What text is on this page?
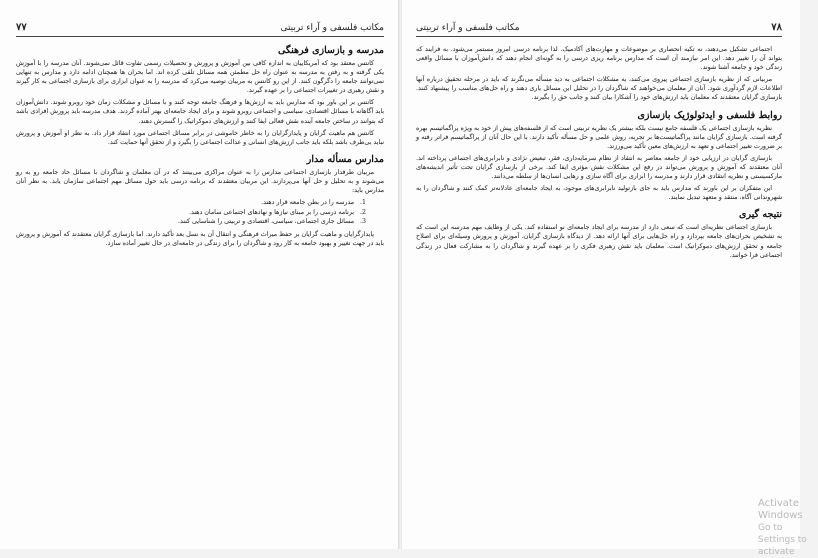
مکاتب فلسفی و آراء تربیتی
۷۷
مدرسه و بازسازی فرهنگی

کانتس معتقد بود که آمریکاییان به اندازه کافی بین آموزش و پرورش و تحصیلات رسمی تفاوت قائل نمی‌شوند. آنان مدرسه را با آموزش یکی گرفته و به رفتن به مدرسه به عنوان راه حل مطمئن همه مسائل تلقی کرده اند. اما بحران ها همچنان ادامه دارد و مدارس به تنهایی نمی‌توانند جامعه را دگرگون کنند. از این رو کانتس به مربیان توصیه می‌کرد که مدرسه را به عنوان ابزاری برای بازسازی اجتماعی به کار گیرند و نقش رهبری در تغییرات اجتماعی را بر عهده گیرند.

کانتس بر این باور بود که مدارس باید به ارزش‌ها و فرهنگ جامعه توجه کنند و با مسائل و مشکلات زمان خود روبرو شوند. دانش‌آموزان باید آگاهانه با مسائل اقتصادی، سیاسی و اجتماعی روبرو شوند و برای ایجاد جامعه‌ای بهتر آماده گردند. هدف مدرسه باید پرورش افرادی باشد که بتوانند در ساختن جامعه آینده نقش فعالی ایفا کنند و ارزش‌های دموکراتیک را گسترش دهند.

کانتس هم ماهیت گرایان و پایدارگرایان را به خاطر خاموشی در برابر مسائل اجتماعی مورد انتقاد قرار داد. به نظر او آموزش و پرورش نباید بی‌طرف باشد بلکه باید جانب ارزش‌های انسانی و عدالت اجتماعی را بگیرد و از تحقق آنها حمایت کند.

مدارس مسأله مدار

مربیان طرفدار بازسازی اجتماعی مدارس را به عنوان مراکزی می‌بینند که در آن معلمان و شاگردان با مسائل حاد جامعه رو به رو می‌شوند و به تحلیل و حل آنها می‌پردازند. این مربیان معتقدند که برنامه درسی باید حول مسائل مهم اجتماعی سازمان یابد. به نظر آنان مدارس باید:

1. مدرسه را در بطن جامعه قرار دهند.
2. برنامه درسی را بر مبنای نیازها و نهادهای اجتماعی سامان دهند.
3. مسائل جاری اجتماعی، سیاسی، اقتصادی و تربیتی را شناسایی کنند.

پایدارگرایان و ماهیت گرایان بر حفظ میراث فرهنگی و انتقال آن به نسل بعد تأکید دارند. اما بازسازی گرایان معتقدند که آموزش و پرورش باید در جهت تغییر و بهبود جامعه به کار رود و شاگردان را برای زندگی در جامعه‌ای در حال تغییر آماده سازد.

۷۸
مکاتب فلسفی و آراء تربیتی

اجتماعی تشکیل می‌دهند، نه تکیه انحصاری بر موضوعات و مهارت‌های آکادمیک. لذا برنامه درسی امروز مستمر می‌شود. به فرایند که بتواند آن را تغییر دهد. این امر نیازمند آن است که مدارس برنامه ریزی درسی را به گونه‌ای انجام دهند که دانش‌آموزان با مسائل واقعی زندگی خود و جامعه آشنا شوند.

مربیانی که از نظریه بازسازی اجتماعی پیروی می‌کنند، به مشکلات اجتماعی به دید مسأله می‌نگرند که باید در مرحله تحقیق درباره آنها اطلاعات لازم گردآوری شود. آنان از معلمان می‌خواهند که شاگردان را در تحلیل این مسائل یاری دهند و راه حل‌های مناسب را پیشنهاد کنند. بازسازی گرایان معتقدند که معلمان باید ارزش‌های خود را آشکارا بیان کنند و جانب حق را بگیرند.

روابط فلسفی و ایدئولوژیک بازسازی

نظریه بازسازی اجتماعی یک فلسفه جامع نیست بلکه بیشتر یک نظریه تربیتی است که از فلسفه‌های پیش از خود به ویژه پراگماتیسم بهره گرفته است. بازسازی گرایان مانند پراگماتیست‌ها بر تجربه، روش علمی و حل مسأله تأکید دارند. با این حال آنان از پراگماتیسم فراتر رفته و بر ضرورت تغییر اجتماعی و تعهد به ارزش‌های معین تأکید می‌ورزند.

بازسازی گرایان در ارزیابی خود از جامعه معاصر به انتقاد از نظام سرمایه‌داری، فقر، تبعیض نژادی و نابرابری‌های اجتماعی پرداخته اند. آنان معتقدند که آموزش و پرورش می‌تواند در رفع این مشکلات نقش مؤثری ایفا کند. برخی از بازسازی گرایان تحت تأثیر اندیشه‌های مارکسیستی و نظریه انتقادی قرار دارند و مدرسه را ابزاری برای آگاه سازی و رهایی انسان‌ها از سلطه می‌دانند.

این متفکران بر این باورند که مدارس باید به جای بازتولید نابرابری‌های موجود، به ایجاد جامعه‌ای عادلانه‌تر کمک کنند و شاگردان را به شهروندانی آگاه، منتقد و متعهد تبدیل نمایند.

نتیجه گیری

بازسازی اجتماعی نظریه‌ای است که سعی دارد از مدرسه برای ایجاد جامعه‌ای نو استفاده کند. یکی از وظایف مهم مدرسه این است که به تشخیص بحران‌های جامعه بپردازد و راه حل‌هایی برای آنها ارائه دهد. از دیدگاه بازسازی گرایان، آموزش و پرورش وسیله‌ای برای اصلاح جامعه و تحقق ارزش‌های دموکراتیک است. معلمان باید نقش رهبری فکری را بر عهده گیرند و شاگردان را به مشارکت فعال در زندگی اجتماعی فرا خوانند.

Activate Windows
Go to Settings to activate
